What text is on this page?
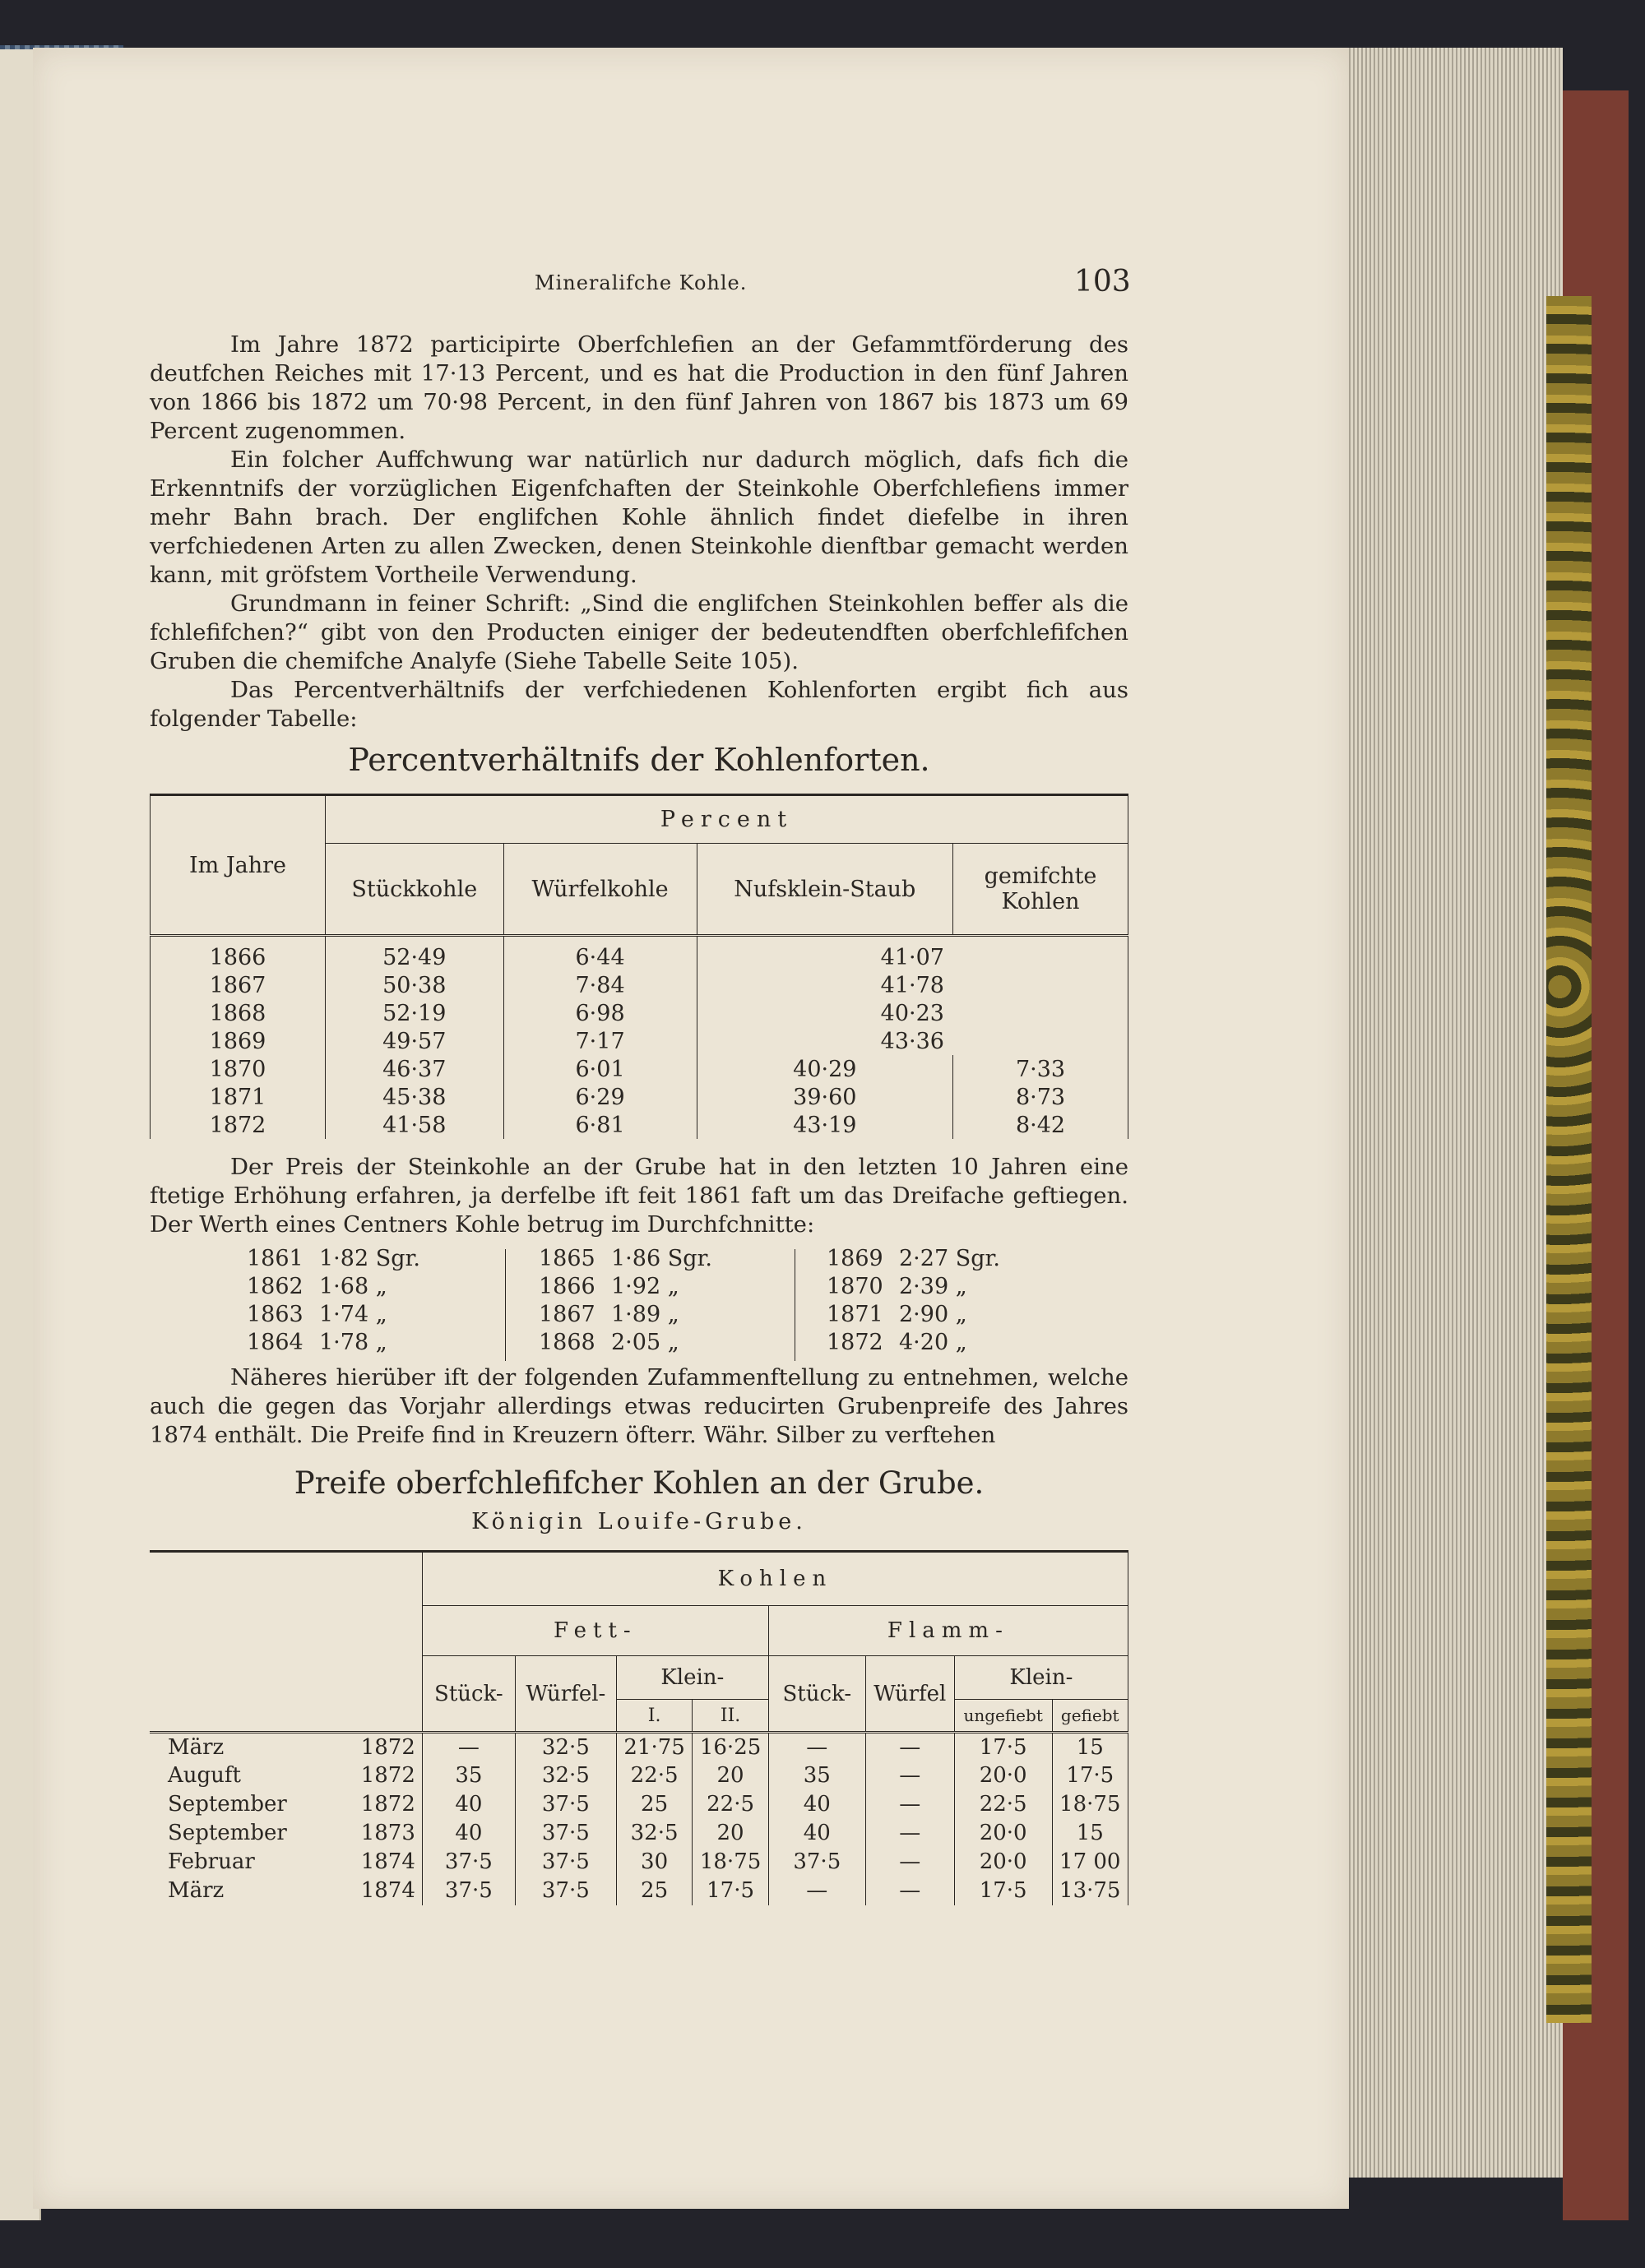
Mineralifche Kohle.	103

Im Jahre 1872 participirte Oberfchlefien an der Gefammtförderung des deutfchen Reiches mit 17·13 Percent, und es hat die Production in den fünf Jahren von 1866 bis 1872 um 70·98 Percent, in den fünf Jahren von 1867 bis 1873 um 69 Percent zugenommen.

Ein folcher Auffchwung war natürlich nur dadurch möglich, dafs fich die Erkenntnifs der vorzüglichen Eigenfchaften der Steinkohle Oberfchlefiens immer mehr Bahn brach. Der englifchen Kohle ähnlich findet diefelbe in ihren verfchiedenen Arten zu allen Zwecken, denen Steinkohle dienftbar gemacht werden kann, mit gröfstem Vortheile Verwendung.

Grundmann in feiner Schrift: „Sind die englifchen Steinkohlen beffer als die fchlefifchen?“ gibt von den Producten einiger der bedeutendften oberfchlefifchen Gruben die chemifche Analyfe (Siehe Tabelle Seite 105).

Das Percentverhältnifs der verfchiedenen Kohlenforten ergibt fich aus folgender Tabelle:

Percentverhältnifs der Kohlenforten.
Im Jahre	Percent			
	Stückkohle	Würfelkohle	Nufsklein-Staub	gemifchte Kohlen
1866	52·49	6·44	41·07	
1867	50·38	7·84	41·78	
1868	52·19	6·98	40·23	
1869	49·57	7·17	43·36	
1870	46·37	6·01	40·29	7·33
1871	45·38	6·29	39·60	8·73
1872	41·58	6·81	43·19	8·42

Der Preis der Steinkohle an der Grube hat in den letzten 10 Jahren eine ftetige Erhöhung erfahren, ja derfelbe ift feit 1861 faft um das Dreifache geftiegen. Der Werth eines Centners Kohle betrug im Durchfchnitte:

1861 1·82 Sgr.
1862 1·68 „
1863 1·74 „
1864 1·78 „
1865 1·86 Sgr.
1866 1·92 „
1867 1·89 „
1868 2·05 „
1869 2·27 Sgr.
1870 2·39 „
1871 2·90 „
1872 4·20 „

Näheres hierüber ift der folgenden Zufammenftellung zu entnehmen, welche auch die gegen das Vorjahr allerdings etwas reducirten Grubenpreife des Jahres 1874 enthält. Die Preife find in Kreuzern öfterr. Währ. Silber zu verftehen

Preife oberfchlefifcher Kohlen an der Grube.
Königin Louife-Grube.
		Kohlen							
		Fett-				Flamm-			
		Stück-	Würfel-	Klein-		Stück-	Würfel	Klein-	
				I.	II.			ungefiebt	gefiebt
März	1872	—	32·5	21·75	16·25	—	—	17·5	15
Auguft	1872	35	32·5	22·5	20	35	—	20·0	17·5
September	1872	40	37·5	25	22·5	40	—	22·5	18·75
September	1873	40	37·5	32·5	20	40	—	20·0	15
Februar	1874	37·5	37·5	30	18·75	37·5	—	20·0	17 00
März	1874	37·5	37·5	25	17·5	—	—	17·5	13·75
